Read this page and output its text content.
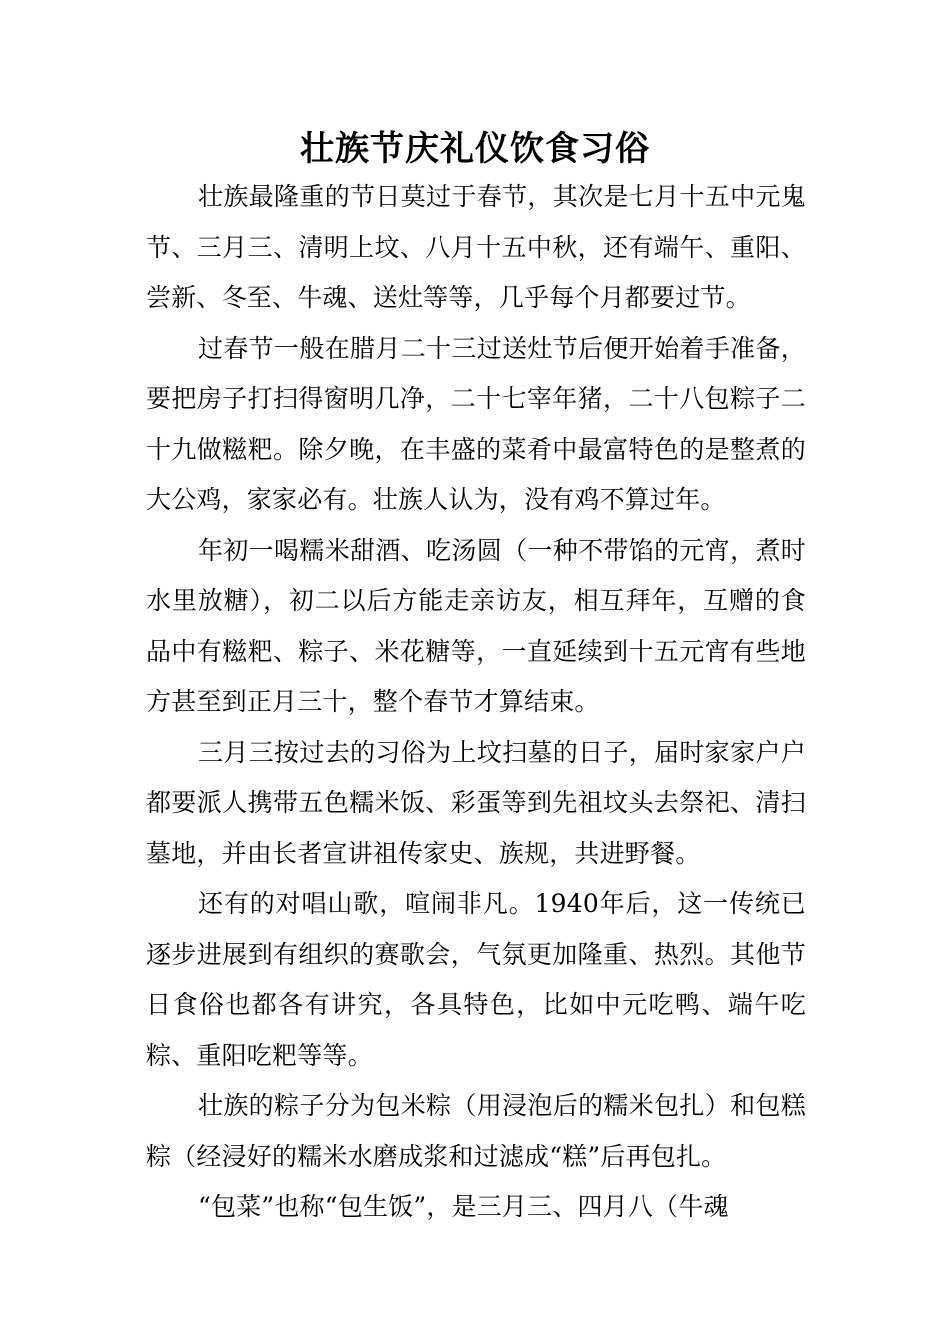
壮族节庆礼仪饮食习俗

壮族最隆重的节日莫过于春节，其次是七月十五中元鬼节、三月三、清明上坟、八月十五中秋，还有端午、重阳、尝新、冬至、牛魂、送灶等等，几乎每个月都要过节。

过春节一般在腊月二十三过送灶节后便开始着手准备，要把房子打扫得窗明几净，二十七宰年猪，二十八包粽子二十九做糍粑。除夕晚，在丰盛的菜肴中最富特色的是整煮的大公鸡，家家必有。壮族人认为，没有鸡不算过年。

年初一喝糯米甜酒、吃汤圆（一种不带馅的元宵，煮时水里放糖），初二以后方能走亲访友，相互拜年，互赠的食品中有糍粑、粽子、米花糖等，一直延续到十五元宵有些地方甚至到正月三十，整个春节才算结束。

三月三按过去的习俗为上坟扫墓的日子，届时家家户户都要派人携带五色糯米饭、彩蛋等到先祖坟头去祭祀、清扫墓地，并由长者宣讲祖传家史、族规，共进野餐。

还有的对唱山歌，喧闹非凡。1940年后，这一传统已逐步进展到有组织的赛歌会，气氛更加隆重、热烈。其他节日食俗也都各有讲究，各具特色，比如中元吃鸭、端午吃粽、重阳吃粑等等。

壮族的粽子分为包米粽（用浸泡后的糯米包扎）和包糕粽（经浸好的糯米水磨成浆和过滤成“糕”后再包扎。

“包菜”也称“包生饭”，是三月三、四月八（牛魂
